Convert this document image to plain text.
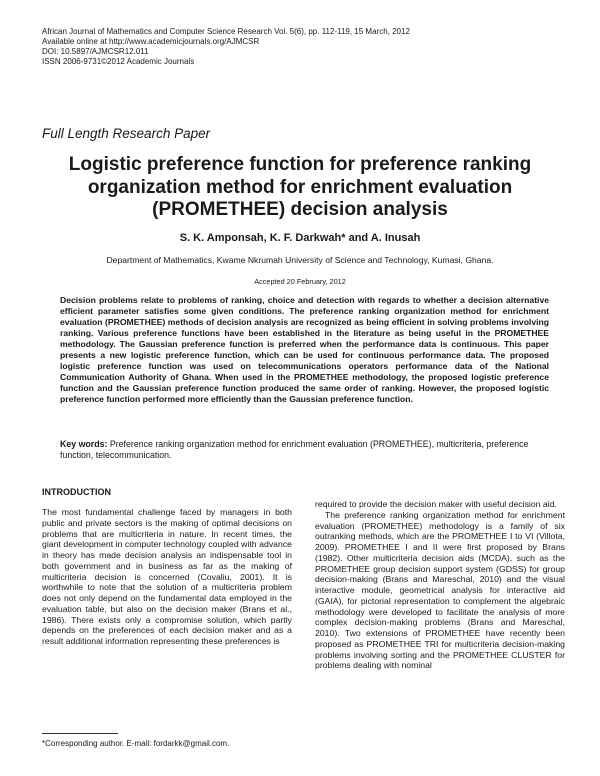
African Journal of Mathematics and Computer Science Research Vol. 5(6), pp. 112-119, 15 March, 2012
Available online at http://www.academicjournals.org/AJMCSR
DOI: 10.5897/AJMCSR12.011
ISSN 2006-9731©2012 Academic Journals
Full Length Research Paper
Logistic preference function for preference ranking
organization method for enrichment evaluation
(PROMETHEE) decision analysis
S. K. Amponsah, K. F. Darkwah* and A. Inusah
Department of Mathematics, Kwame Nkrumah University of Science and Technology, Kumasi, Ghana.
Accepted 20 February, 2012
Decision problems relate to problems of ranking, choice and detection with regards to whether a decision alternative efficient parameter satisfies some given conditions. The preference ranking organization method for enrichment evaluation (PROMETHEE) methods of decision analysis are recognized as being efficient in solving problems involving ranking. Various preference functions have been established in the literature as being useful in the PROMETHEE methodology. The Gaussian preference function is preferred when the performance data is continuous. This paper presents a new logistic preference function, which can be used for continuous performance data. The proposed logistic preference function was used on telecommunications operators performance data of the National Communication Authority of Ghana. When used in the PROMETHEE methodology, the proposed logistic preference function and the Gaussian preference function produced the same order of ranking. However, the proposed logistic preference function performed more efficiently than the Gaussian preference function.
Key words: Preference ranking organization method for enrichment evaluation (PROMETHEE), multicriteria, preference function, telecommunication.
INTRODUCTION

The most fundamental challenge faced by managers in both public and private sectors is the making of optimal decisions on problems that are multicriteria in nature. In recent times, the giant development in computer technology coupled with advance in theory has made decision analysis an indispensable tool in both government and in business as far as the making of multicriteria decision is concerned (Covaliu, 2001). It is worthwhile to note that the solution of a multicriteria problem does not only depend on the fundamental data employed in the evaluation table, but also on the decision maker (Brans et al., 1986). There exists only a compromise solution, which partly depends on the preferences of each decision maker and as a result additional information representing these preferences is

required to provide the decision maker with useful decision aid.

The preference ranking organization method for enrichment evaluation (PROMETHEE) methodology is a family of six outranking methods, which are the PROMETHEE I to VI (Villota, 2009). PROMETHEE I and II were first proposed by Brans (1982). Other multicriteria decision aids (MCDA), such as the PROMETHEE group decision support system (GDSS) for group decision-making (Brans and Mareschal, 2010) and the visual interactive module, geometrical analysis for interactive aid (GAIA), for pictorial representation to complement the algebraic methodology were developed to facilitate the analysis of more complex decision-making problems (Brans and Mareschal, 2010). Two extensions of PROMETHEE have recently been proposed as PROMETHEE TRI for multicriteria decision-making problems involving sorting and the PROMETHEE CLUSTER for problems dealing with nominal

*Corresponding author. E-mail: fordarkk@gmail.com.
